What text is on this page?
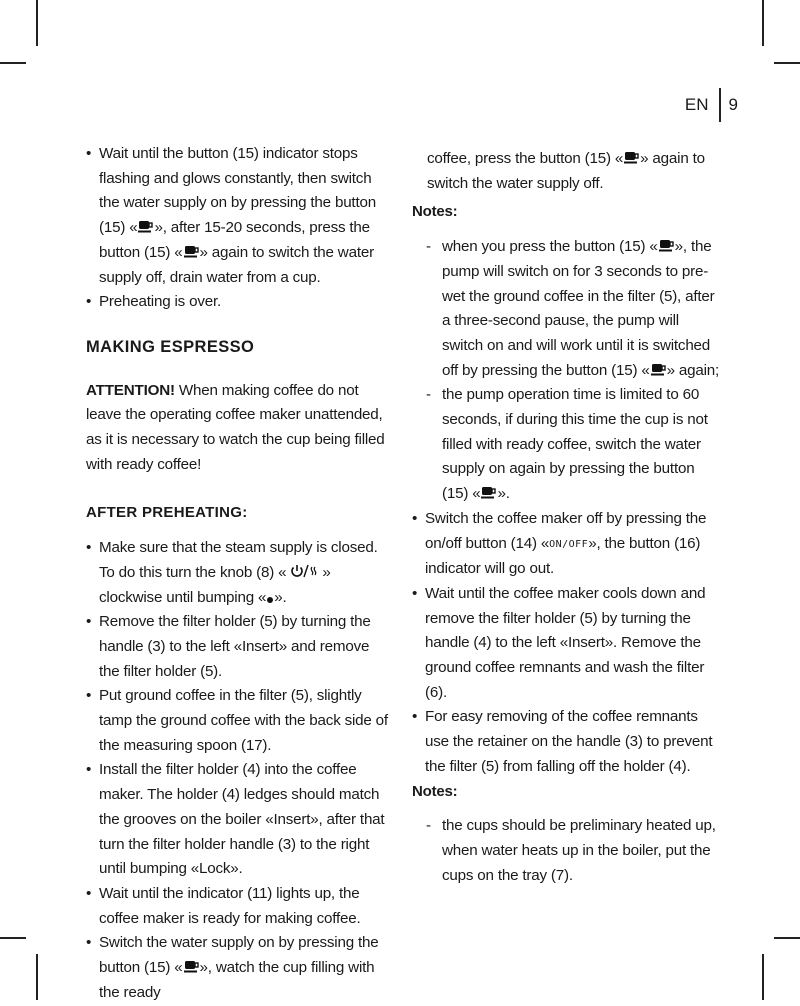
EN 9
• Wait until the button (15) indicator stops flashing and glows constantly, then switch the water supply on by pressing the button (15) « », after 15-20 seconds, press the button (15) « » again to switch the water supply off, drain water from a cup.
• Preheating is over.
MAKING ESPRESSO
ATTENTION! When making coffee do not leave the operating coffee maker unattended, as it is necessary to watch the cup being filled with ready coffee!
AFTER PREHEATING:
• Make sure that the steam supply is closed. To do this turn the knob (8) «  » clockwise until bumping « ».
• Remove the filter holder (5) by turning the handle (3) to the left «Insert» and remove the filter holder (5).
• Put ground coffee in the filter (5), slightly tamp the ground coffee with the back side of the measuring spoon (17).
• Install the filter holder (4) into the coffee maker. The holder (4) ledges should match the grooves on the boiler «Insert», after that turn the filter holder handle (3) to the right until bumping «Lock».
• Wait until the indicator (11) lights up, the coffee maker is ready for making coffee.
• Switch the water supply on by pressing the button (15) « », watch the cup filling with the ready
coffee, press the button (15) « » again to switch the water supply off.
Notes:
- when you press the button (15) « », the pump will switch on for 3 seconds to pre-wet the ground coffee in the filter (5), after a three-second pause, the pump will switch on and will work until it is switched off by pressing the button (15) « » again;
- the pump operation time is limited to 60 seconds, if during this time the cup is not filled with ready coffee, switch the water supply on again by pressing the button (15) « ».
• Switch the coffee maker off by pressing the on/off button (14) «ON/OFF», the button (16) indicator will go out.
• Wait until the coffee maker cools down and remove the filter holder (5) by turning the handle (4) to the left «Insert». Remove the ground coffee remnants and wash the filter (6).
• For easy removing of the coffee remnants use the retainer on the handle (3) to prevent the filter (5) from falling off the holder (4).
Notes:
- the cups should be preliminary heated up, when water heats up in the boiler, put the cups on the tray (7).
